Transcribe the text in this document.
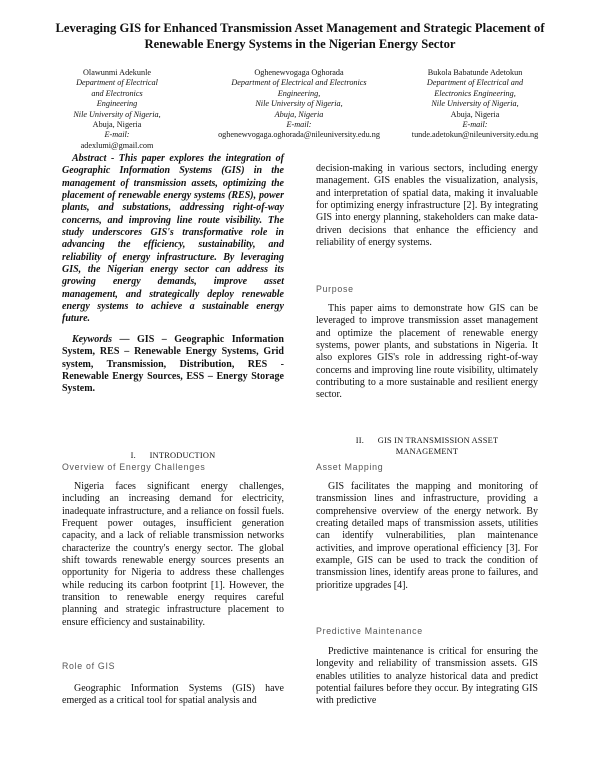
Leveraging GIS for Enhanced Transmission Asset Management and Strategic Placement of Renewable Energy Systems in the Nigerian Energy Sector
Olawunmi Adekunle
Department of Electrical
and Electronics
Engineering
Nile University of Nigeria,
Abuja, Nigeria
E-mail:
adexlumi@gmail.com
Oghenewvogaga Oghorada
Department of Electrical and Electronics
Engineering,
Nile University of Nigeria,
Abuja, Nigeria
E-mail:
oghenewvogaga.oghorada@nileuniversity.edu.ng
Bukola Babatunde Adetokun
Department of Electrical and
Electronics Engineering,
Nile University of Nigeria,
Abuja, Nigeria
E-mail:
tunde.adetokun@nileuniversity.edu.ng

Abstract - This paper explores the integration of Geographic Information Systems (GIS) in the management of transmission assets, optimizing the placement of renewable energy systems (RES), power plants, and substations, addressing right-of-way concerns, and improving line route visibility. The study underscores GIS's transformative role in advancing the efficiency, sustainability, and reliability of energy infrastructure. By leveraging GIS, the Nigerian energy sector can address its growing energy demands, improve asset management, and strategically deploy renewable energy systems to achieve a sustainable energy future.

Keywords — GIS – Geographic Information System, RES – Renewable Energy Systems, Grid system, Transmission, Distribution, RES - Renewable Energy Sources, ESS – Energy Storage System.

I.      INTRODUCTION
Overview of Energy Challenges

Nigeria faces significant energy challenges, including an increasing demand for electricity, inadequate infrastructure, and a reliance on fossil fuels. Frequent power outages, insufficient generation capacity, and a lack of reliable transmission networks characterize the country's energy sector. The global shift towards renewable energy sources presents an opportunity for Nigeria to address these challenges while reducing its carbon footprint [1]. However, the transition to renewable energy requires careful planning and strategic infrastructure placement to ensure efficiency and sustainability.

Role of GIS

Geographic Information Systems (GIS) have emerged as a critical tool for spatial analysis and

decision-making in various sectors, including energy management. GIS enables the visualization, analysis, and interpretation of spatial data, making it invaluable for optimizing energy infrastructure [2]. By integrating GIS into energy planning, stakeholders can make data-driven decisions that enhance the efficiency and reliability of energy systems.

Purpose

This paper aims to demonstrate how GIS can be leveraged to improve transmission asset management and optimize the placement of renewable energy systems, power plants, and substations in Nigeria. It also explores GIS's role in addressing right-of-way concerns and improving line route visibility, ultimately contributing to a more sustainable and resilient energy sector.

II.      GIS IN TRANSMISSION ASSET
MANAGEMENT
Asset Mapping

GIS facilitates the mapping and monitoring of transmission lines and infrastructure, providing a comprehensive overview of the energy network. By creating detailed maps of transmission assets, utilities can identify vulnerabilities, plan maintenance activities, and improve operational efficiency [3]. For example, GIS can be used to track the condition of transmission lines, identify areas prone to failures, and prioritize upgrades [4].

Predictive Maintenance

Predictive maintenance is critical for ensuring the longevity and reliability of transmission assets. GIS enables utilities to analyze historical data and predict potential failures before they occur. By integrating GIS with predictive
